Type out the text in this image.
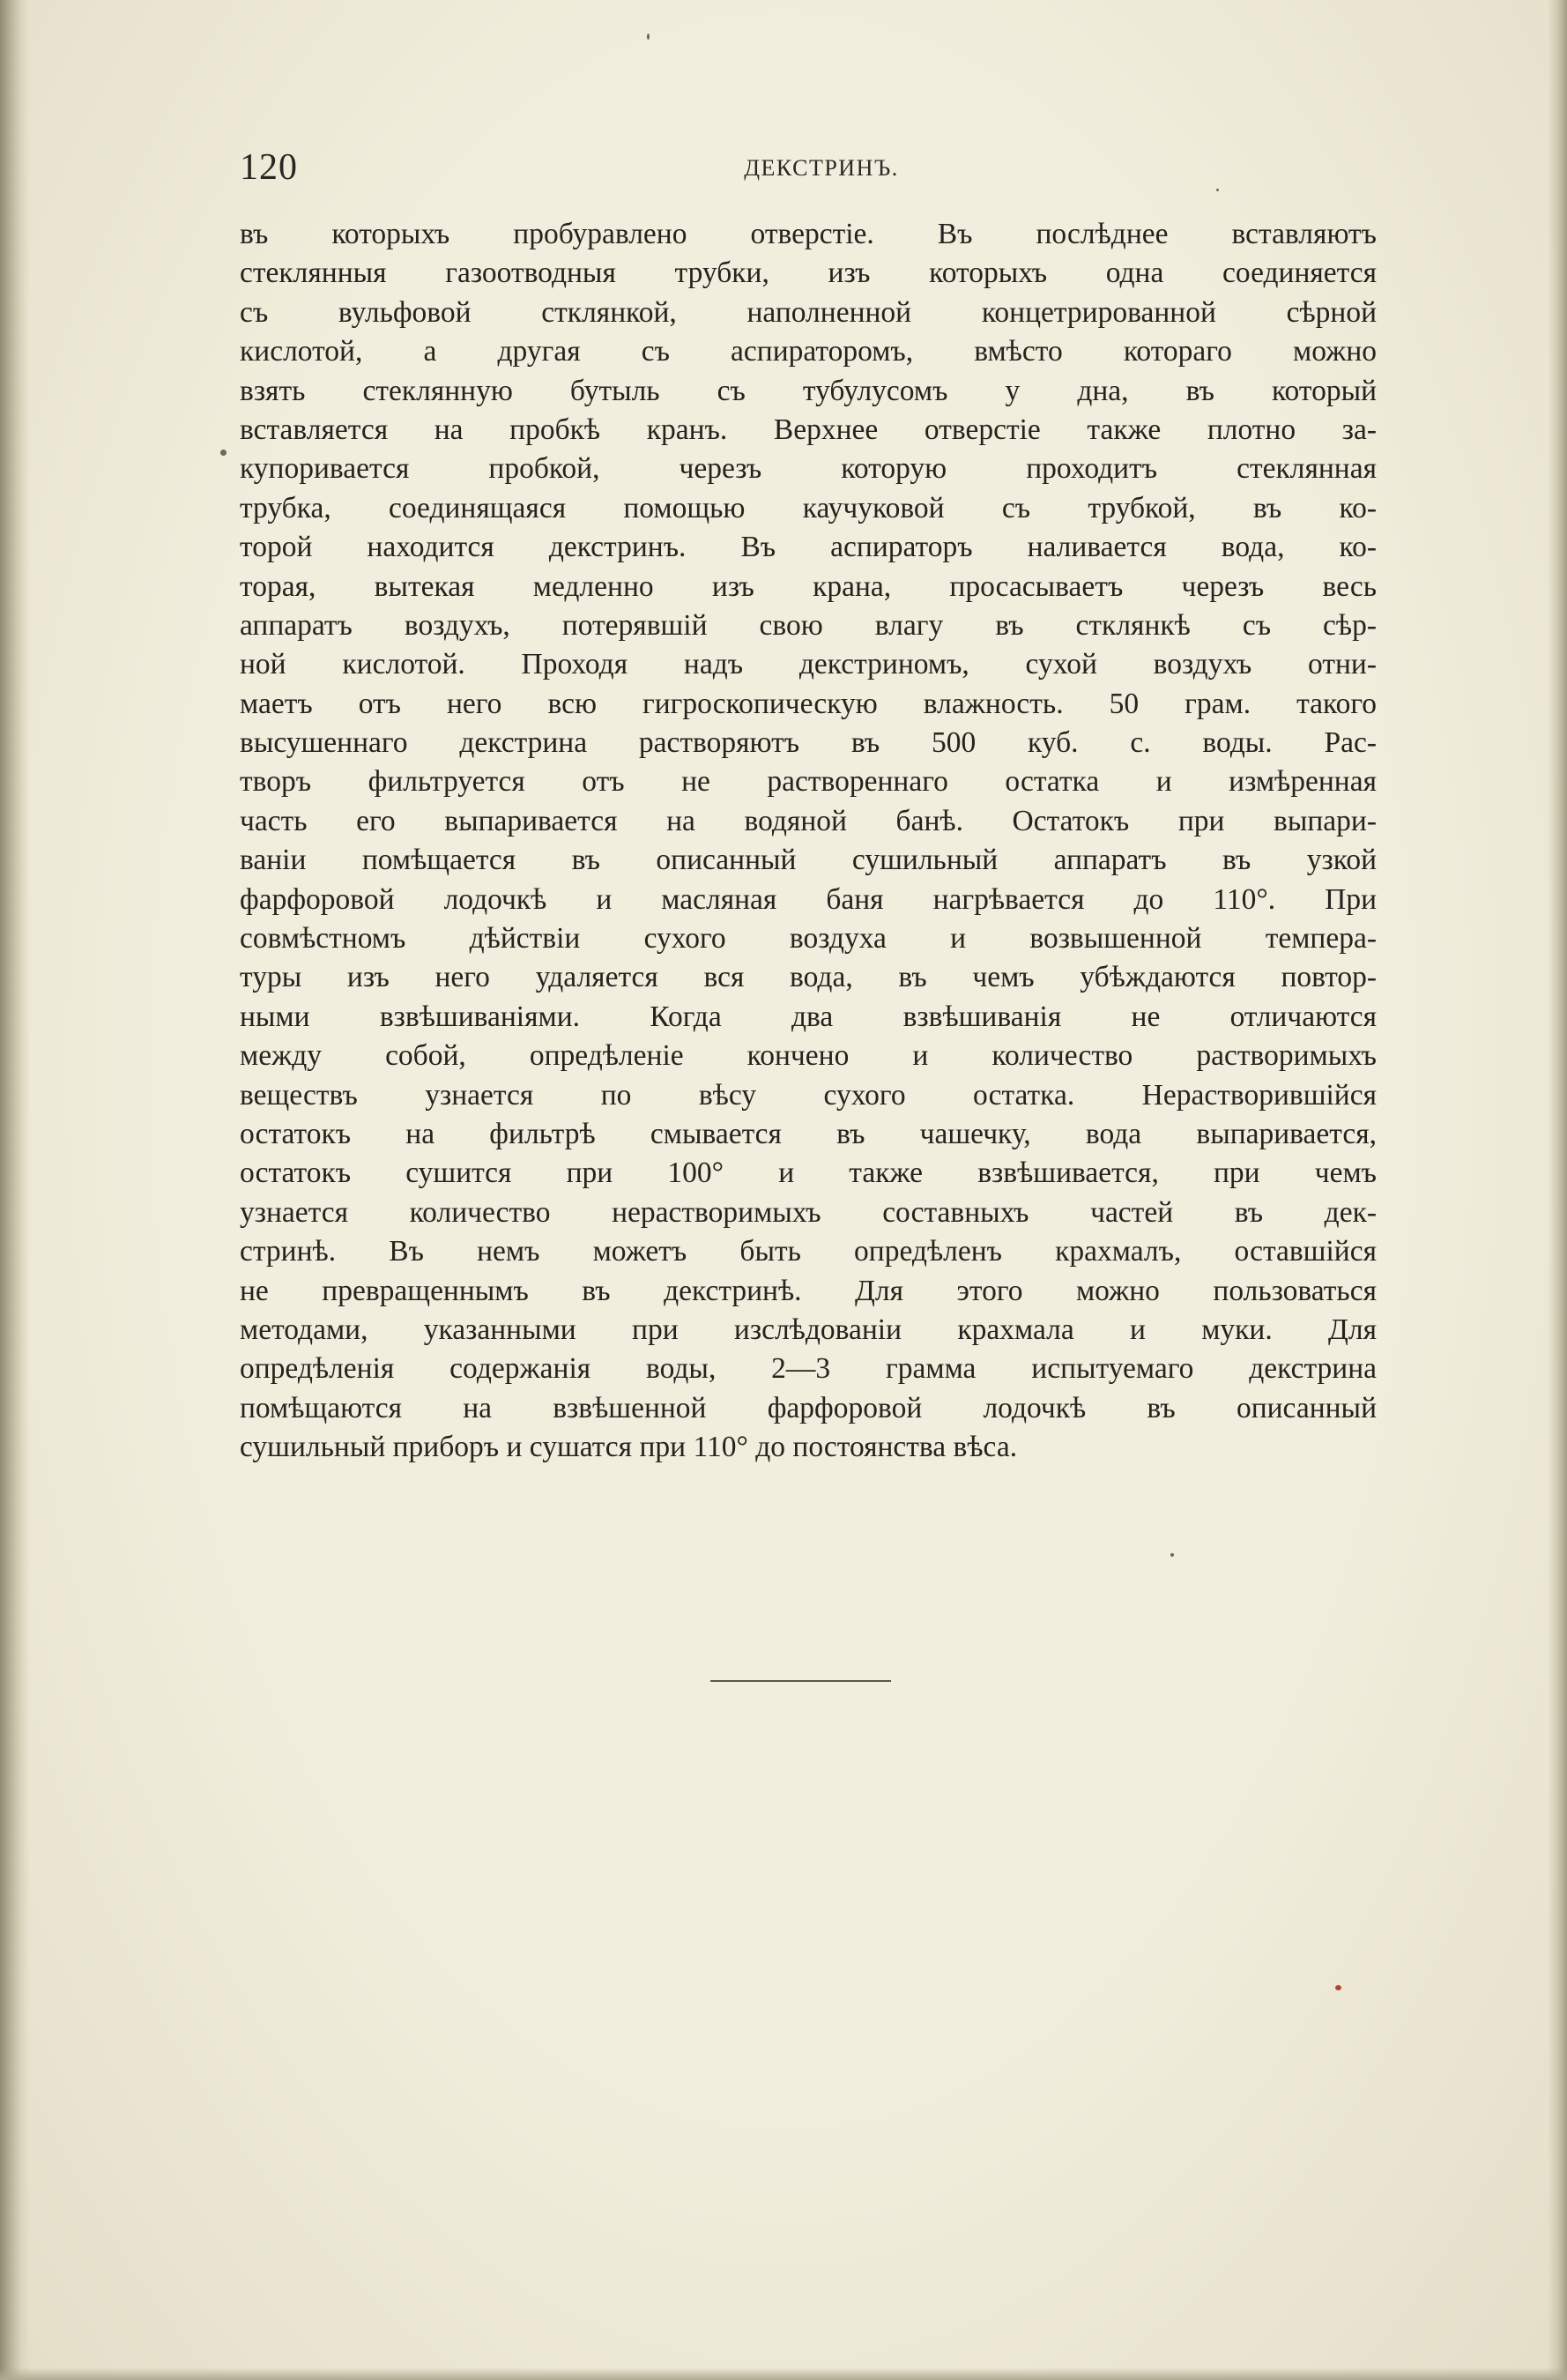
120	ДЕКСТРИНЪ.
въ которыхъ пробуравлено отверстіе. Въ послѣднее вставляютъ
стеклянныя газоотводныя трубки, изъ которыхъ одна соединяется
съ вульфовой стклянкой, наполненной концетрированной сѣрной
кислотой, а другая съ аспираторомъ, вмѣсто котораго можно
взять стеклянную бутыль съ тубулусомъ у дна, въ который
вставляется на пробкѣ кранъ. Верхнее отверстіе также плотно за-
купоривается пробкой, черезъ которую проходитъ стеклянная
трубка, соединящаяся помощью каучуковой съ трубкой, въ ко-
торой находится декстринъ. Въ аспираторъ наливается вода, ко-
торая, вытекая медленно изъ крана, просасываетъ черезъ весь
аппаратъ воздухъ, потерявшій свою влагу въ стклянкѣ съ сѣр-
ной кислотой. Проходя надъ декстриномъ, сухой воздухъ отни-
маетъ отъ него всю гигроскопическую влажность. 50 грам. такого
высушеннаго декстрина растворяютъ въ 500 куб. с. воды. Рас-
творъ фильтруется отъ не раствореннаго остатка и измѣренная
часть его выпаривается на водяной банѣ. Остатокъ при выпари-
ваніи помѣщается въ описанный сушильный аппаратъ въ узкой
фарфоровой лодочкѣ и масляная баня нагрѣвается до 110°. При
совмѣстномъ дѣйствіи сухого воздуха и возвышенной темпера-
туры изъ него удаляется вся вода, въ чемъ убѣждаются повтор-
ными взвѣшиваніями. Когда два взвѣшиванія не отличаются
между собой, опредѣленіе кончено и количество растворимыхъ
веществъ узнается по вѣсу сухого остатка. Нерастворившійся
остатокъ на фильтрѣ смывается въ чашечку, вода выпаривается,
остатокъ сушится при 100° и также взвѣшивается, при чемъ
узнается количество нерастворимыхъ составныхъ частей въ дек-
стринѣ. Въ немъ можетъ быть опредѣленъ крахмалъ, оставшійся
не превращеннымъ въ декстринѣ. Для этого можно пользоваться
методами, указанными при изслѣдованіи крахмала и муки. Для
опредѣленія содержанія воды, 2—3 грамма испытуемаго декстрина
помѣщаются на взвѣшенной фарфоровой лодочкѣ въ описанный
сушильный приборъ и сушатся при 110° до постоянства вѣса.
